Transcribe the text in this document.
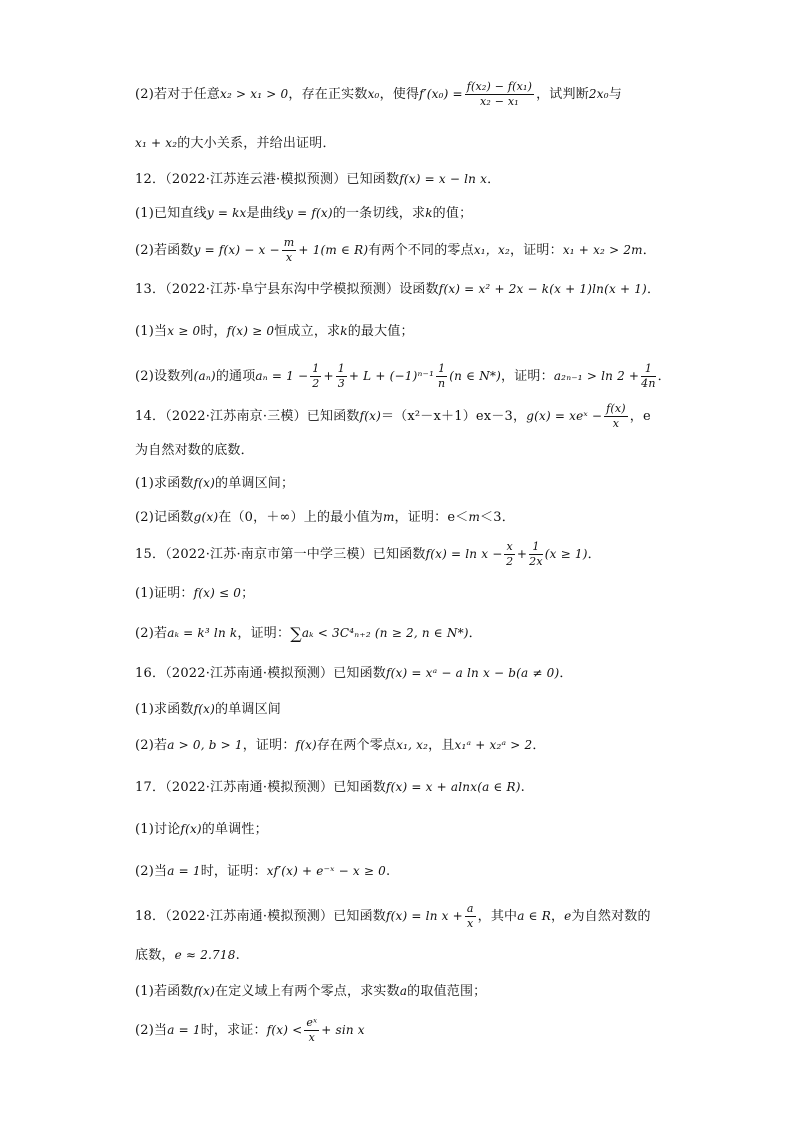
(2)若对于任意x₂ > x₁ > 0，存在正实数x₀，使得$f'(x_0) = \frac{\text{f(x₂) − f(x₁)}}{\text{x₂ − x₁}}$ ，试判断2x₀与
x₁ + x₂的大小关系，并给出证明．
12．（2022·江苏连云港·模拟预测）已知函数f(x) = x − ln x．
(1)已知直线y = kx是曲线y = f(x)的一条切线，求k的值；
(2)若函数$y = f(x) - x - \frac{m}{x} + 1(m$ ∈ R)有两个不同的零点x₁，x₂，证明：x₁ + x₂ > 2m．
13．（2022·江苏·阜宁县东沟中学模拟预测）设函数f(x) = x² + 2x − k(x + 1)ln(x + 1)．
(1)当x ≥ 0时，f(x) ≥ 0恒成立，求k的最大值；
(2)设数列(aₙ)的通项$a_n = 1 - \frac{1}{2} + \frac{1}{3} + L + (-1)^{n-1} \frac{1}{n} (n$ ∈ N*)，证明：$a_{2n-1} > \ln 2 + \frac{1}{4n}$ ．
14．（2022·江苏南京·三模）已知函数f(x)＝（x²－x＋1）ex－3，g(x) = xeˣ − $\frac{f(x)}{x}$ ，e
为自然对数的底数．
(1)求函数f(x)的单调区间；
(2)记函数g(x)在（0，＋∞）上的最小值为m，证明：e＜m＜3．
15．（2022·江苏·南京市第一中学三模）已知函数$f(x) = \ln x - \frac{x}{2} + \frac{1}{2x} (x \ge 1)$．
(1)证明：f(x) ≤ 0；
(2)若aₖ = k³ ln k，证明：∑aₖ < 3C⁴ₙ₊₂ (n ≥ 2, n ∈ N*)．
16．（2022·江苏南通·模拟预测）已知函数f(x) = xᵃ − a ln x − b(a ≠ 0)．
(1)求函数f(x)的单调区间
(2)若a > 0, b > 1，证明：f(x)存在两个零点x₁, x₂，且x₁ᵃ + x₂ᵃ > 2．
17．（2022·江苏南通·模拟预测）已知函数f(x) = x + alnx(a ∈ R).
(1)讨论f(x)的单调性；
(2)当a = 1时，证明：xf′(x) + e⁻ˣ − x ≥ 0.
18．（2022·江苏南通·模拟预测）已知函数$f(x) = \ln x + \frac{a}{x}$ ，其中a ∈ R，e为自然对数的
底数，e ≈ 2.718.
(1)若函数f(x)在定义域上有两个零点，求实数a的取值范围；
(2)当a = 1时，求证：$f(x) < \frac{\text{eˣ}}{x} + \sin x$
